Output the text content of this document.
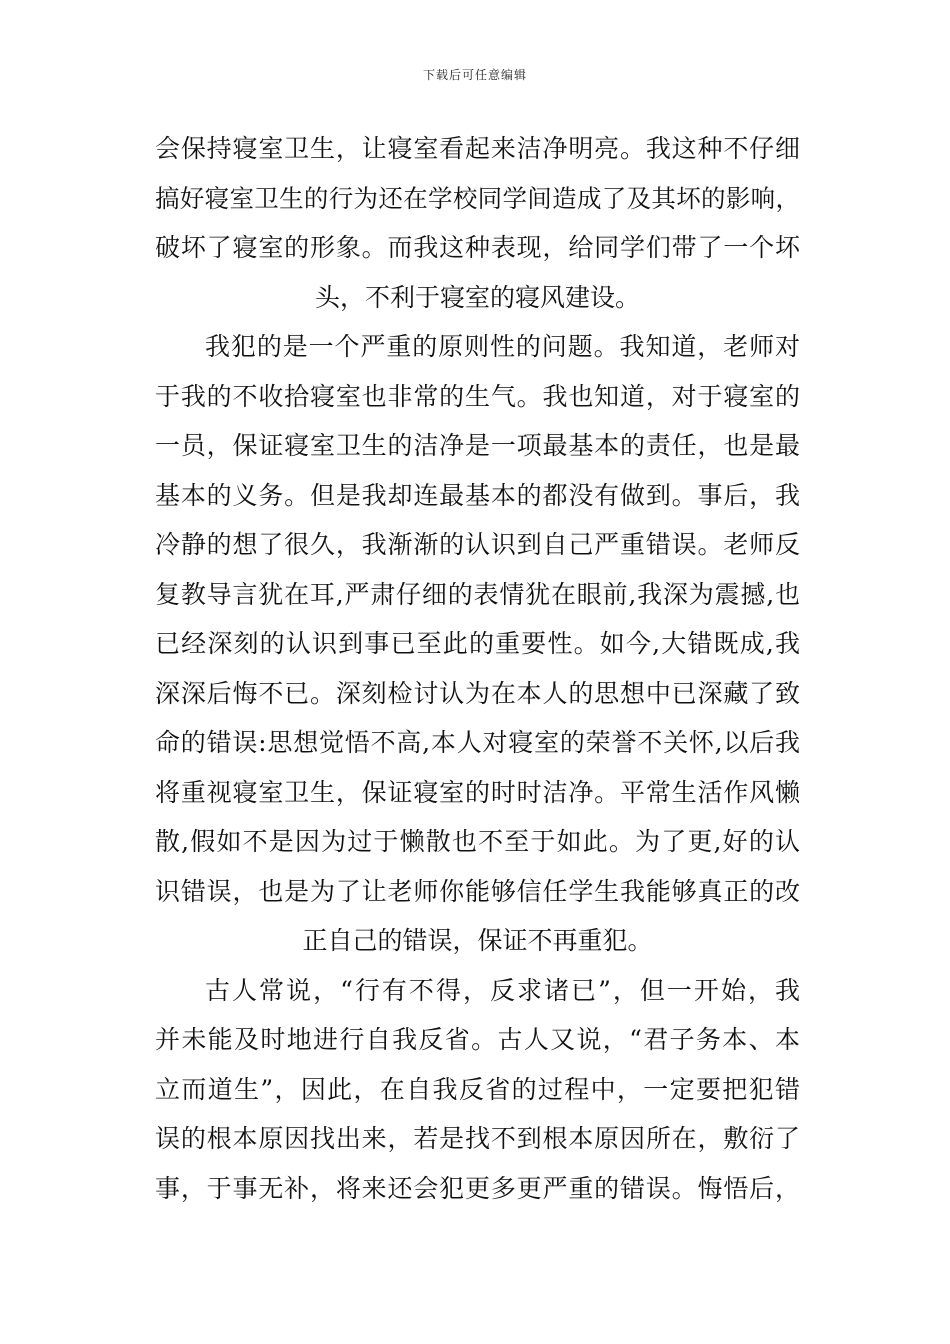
下载后可任意编辑
会保持寝室卫生，让寝室看起来洁净明亮。我这种不仔细
搞好寝室卫生的行为还在学校同学间造成了及其坏的影响，
破坏了寝室的形象。而我这种表现，给同学们带了一个坏
头，不利于寝室的寝风建设。
我犯的是一个严重的原则性的问题。我知道，老师对
于我的不收拾寝室也非常的生气。我也知道，对于寝室的
一员，保证寝室卫生的洁净是一项最基本的责任，也是最
基本的义务。但是我却连最基本的都没有做到。事后，我
冷静的想了很久，我渐渐的认识到自己严重错误。老师反
复教导言犹在耳,严肃仔细的表情犹在眼前,我深为震撼,也
已经深刻的认识到事已至此的重要性。如今,大错既成,我
深深后悔不已。深刻检讨认为在本人的思想中已深藏了致
命的错误:思想觉悟不高,本人对寝室的荣誉不关怀,以后我
将重视寝室卫生，保证寝室的时时洁净。平常生活作风懒
散,假如不是因为过于懒散也不至于如此。为了更,好的认
识错误，也是为了让老师你能够信任学生我能够真正的改
正自己的错误，保证不再重犯。
古人常说，“行有不得，反求诸已”，但一开始，我
并未能及时地进行自我反省。古人又说，“君子务本、本
立而道生”，因此，在自我反省的过程中，一定要把犯错
误的根本原因找出来，若是找不到根本原因所在，敷衍了
事，于事无补，将来还会犯更多更严重的错误。悔悟后，
